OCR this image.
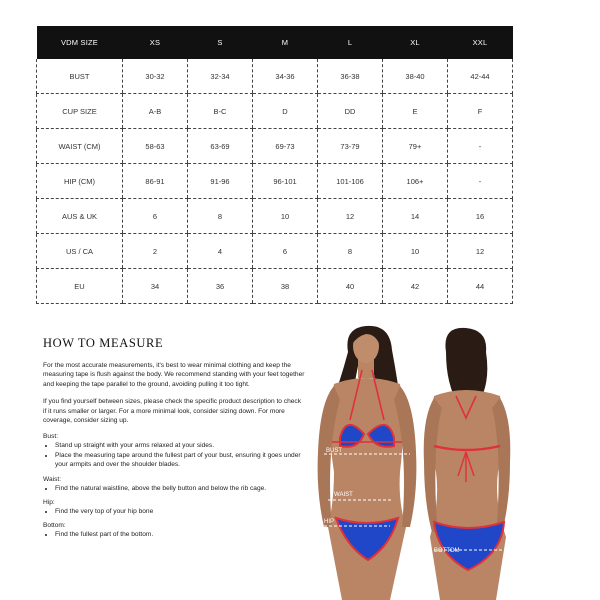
VDM SIZE	XS	S	M	L	XL	XXL
BUST	30-32	32-34	34-36	36-38	38-40	42-44
CUP SIZE	A-B	B-C	D	DD	E	F
WAIST (CM)	58-63	63-69	69-73	73-79	79+	-
HIP (CM)	86-91	91-96	96-101	101-106	106+	-
AUS & UK	6	8	10	12	14	16
US / CA	2	4	6	8	10	12
EU	34	36	38	40	42	44
HOW TO MEASURE

For the most accurate measurements, it's best to wear minimal clothing and keep the measuring tape is flush against the body. We recommend standing with your feet together and keeping the tape parallel to the ground, avoiding pulling it too tight.

If you find yourself between sizes, please check the specific product description to check if it runs smaller or larger. For a more minimal look, consider sizing down. For more coverage, consider sizing up.

Bust:
• Stand up straight with your arms relaxed at your sides.
• Place the measuring tape around the fullest part of your bust, ensuring it goes under your armpits and over the shoulder blades.
Waist:
• Find the natural waistline, above the belly button and below the rib cage.
Hip:
• Find the very top of your hip bone
Bottom:
• Find the fullest part of the bottom.
BUST
WAIST
HIP
BOTTOM
